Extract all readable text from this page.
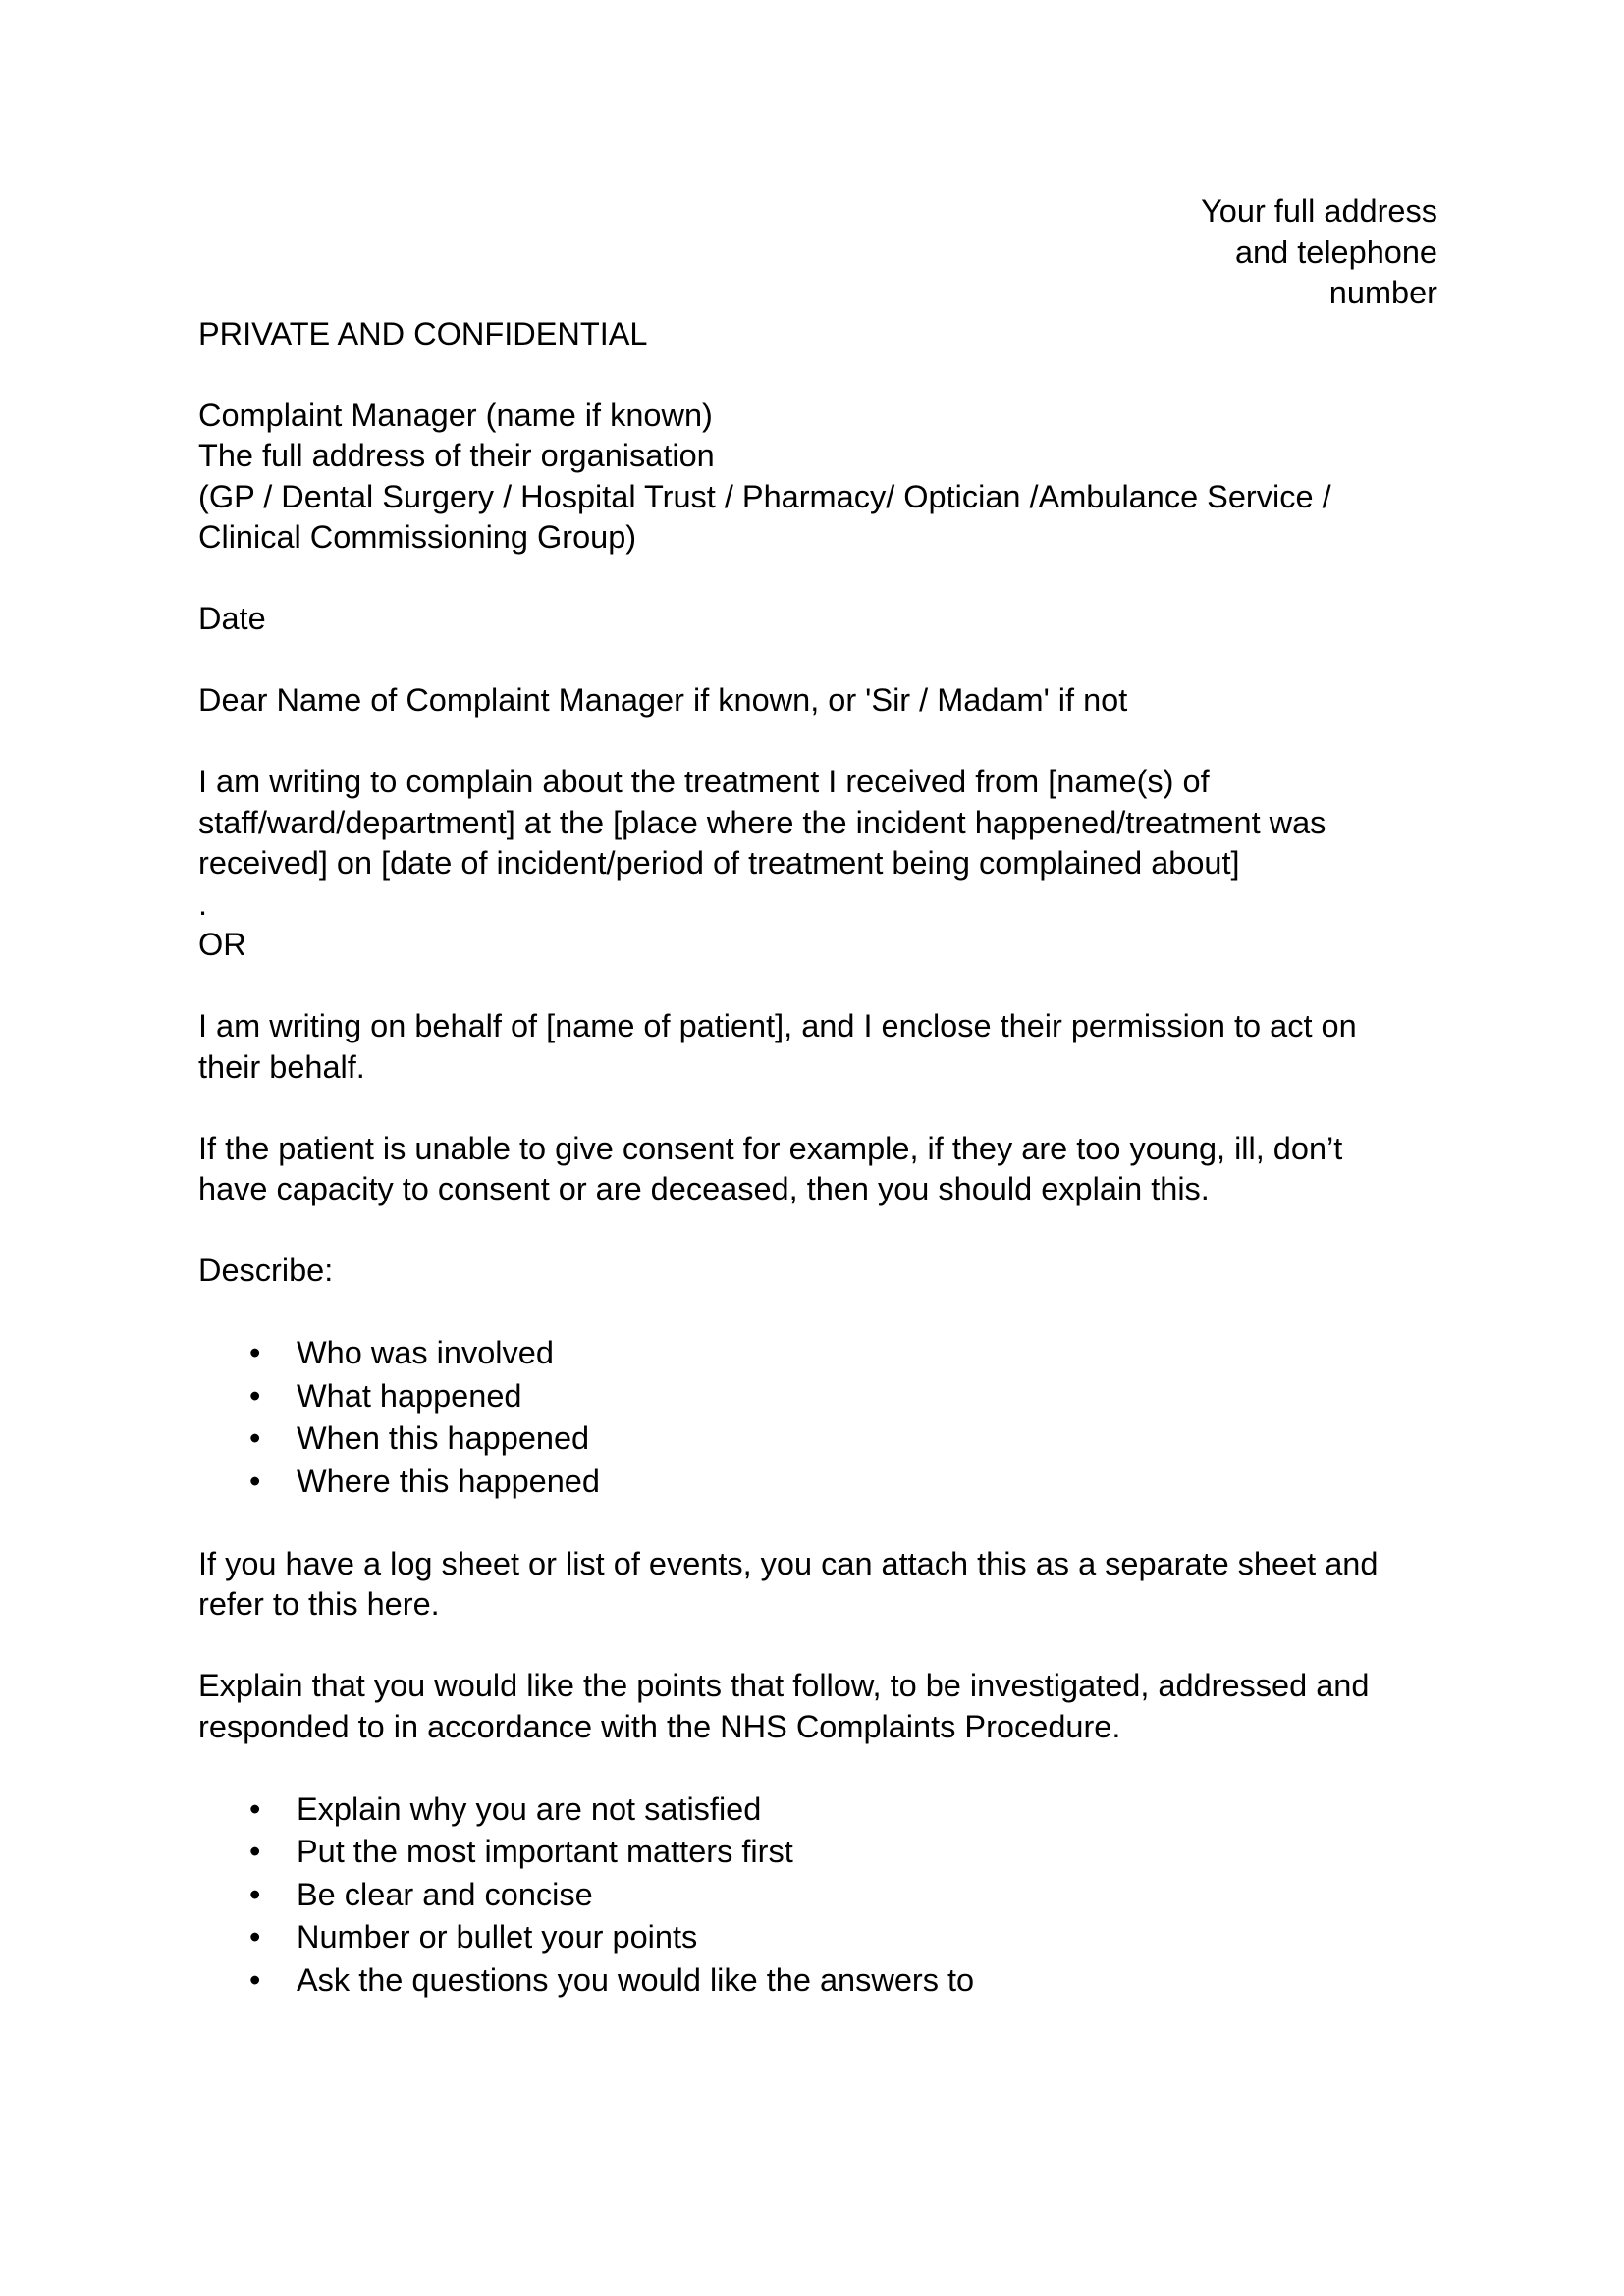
Your full address
and telephone
number
PRIVATE AND CONFIDENTIAL
Complaint Manager (name if known)
The full address of their organisation
(GP / Dental Surgery / Hospital Trust / Pharmacy/ Optician /Ambulance Service /
Clinical Commissioning Group)
Date
Dear Name of Complaint Manager if known, or 'Sir / Madam' if not
I am writing to complain about the treatment I received from [name(s) of
staff/ward/department] at the [place where the incident happened/treatment was
received] on [date of incident/period of treatment being complained about]
.
OR
I am writing on behalf of [name of patient], and I enclose their permission to act on
their behalf.
If the patient is unable to give consent for example, if they are too young, ill, don’t
have capacity to consent or are deceased, then you should explain this.
Describe:
• Who was involved
• What happened
• When this happened
• Where this happened
If you have a log sheet or list of events, you can attach this as a separate sheet and
refer to this here.
Explain that you would like the points that follow, to be investigated, addressed and
responded to in accordance with the NHS Complaints Procedure.
• Explain why you are not satisfied
• Put the most important matters first
• Be clear and concise
• Number or bullet your points
• Ask the questions you would like the answers to
